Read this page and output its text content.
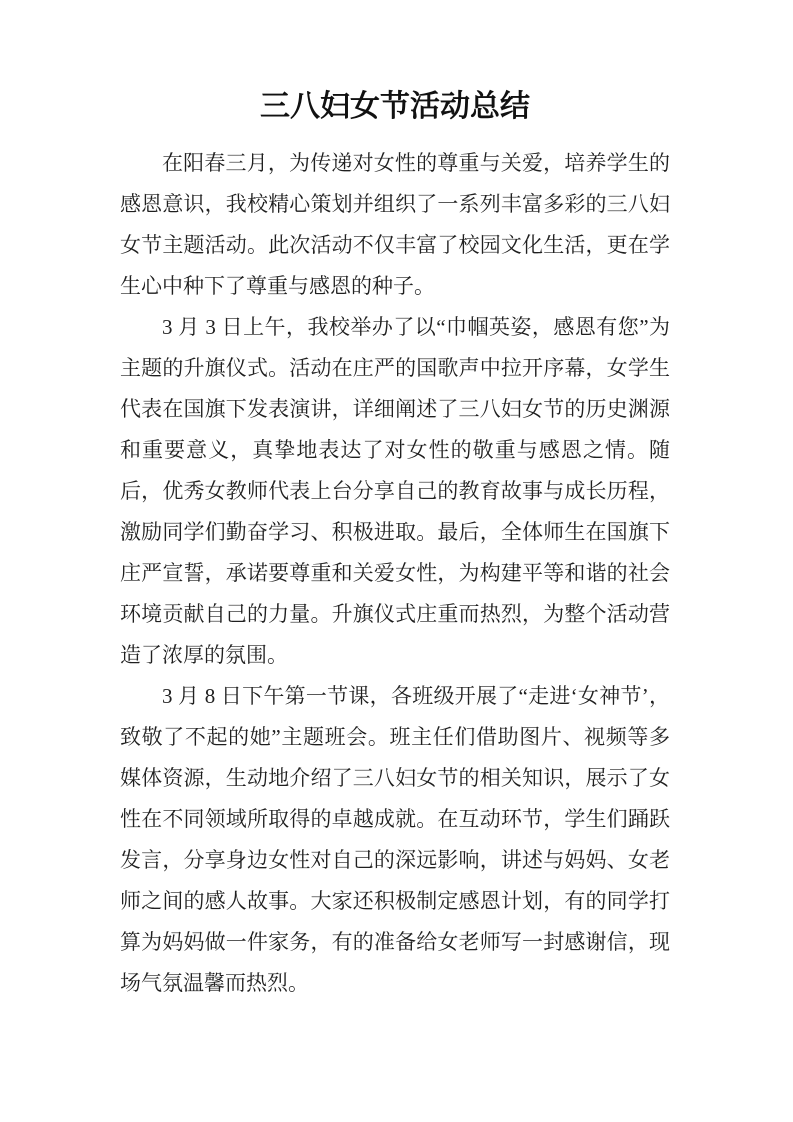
三八妇女节活动总结

在阳春三月，为传递对女性的尊重与关爱，培养学生的感恩意识，我校精心策划并组织了一系列丰富多彩的三八妇女节主题活动。此次活动不仅丰富了校园文化生活，更在学生心中种下了尊重与感恩的种子。

3 月 3 日上午，我校举办了以“巾帼英姿，感恩有您”为主题的升旗仪式。活动在庄严的国歌声中拉开序幕，女学生代表在国旗下发表演讲，详细阐述了三八妇女节的历史渊源和重要意义，真挚地表达了对女性的敬重与感恩之情。随后，优秀女教师代表上台分享自己的教育故事与成长历程，激励同学们勤奋学习、积极进取。最后，全体师生在国旗下庄严宣誓，承诺要尊重和关爱女性，为构建平等和谐的社会环境贡献自己的力量。升旗仪式庄重而热烈，为整个活动营造了浓厚的氛围。

3 月 8 日下午第一节课，各班级开展了“走进‘女神节’，致敬了不起的她”主题班会。班主任们借助图片、视频等多媒体资源，生动地介绍了三八妇女节的相关知识，展示了女性在不同领域所取得的卓越成就。在互动环节，学生们踊跃发言，分享身边女性对自己的深远影响，讲述与妈妈、女老师之间的感人故事。大家还积极制定感恩计划，有的同学打算为妈妈做一件家务，有的准备给女老师写一封感谢信，现场气氛温馨而热烈。
